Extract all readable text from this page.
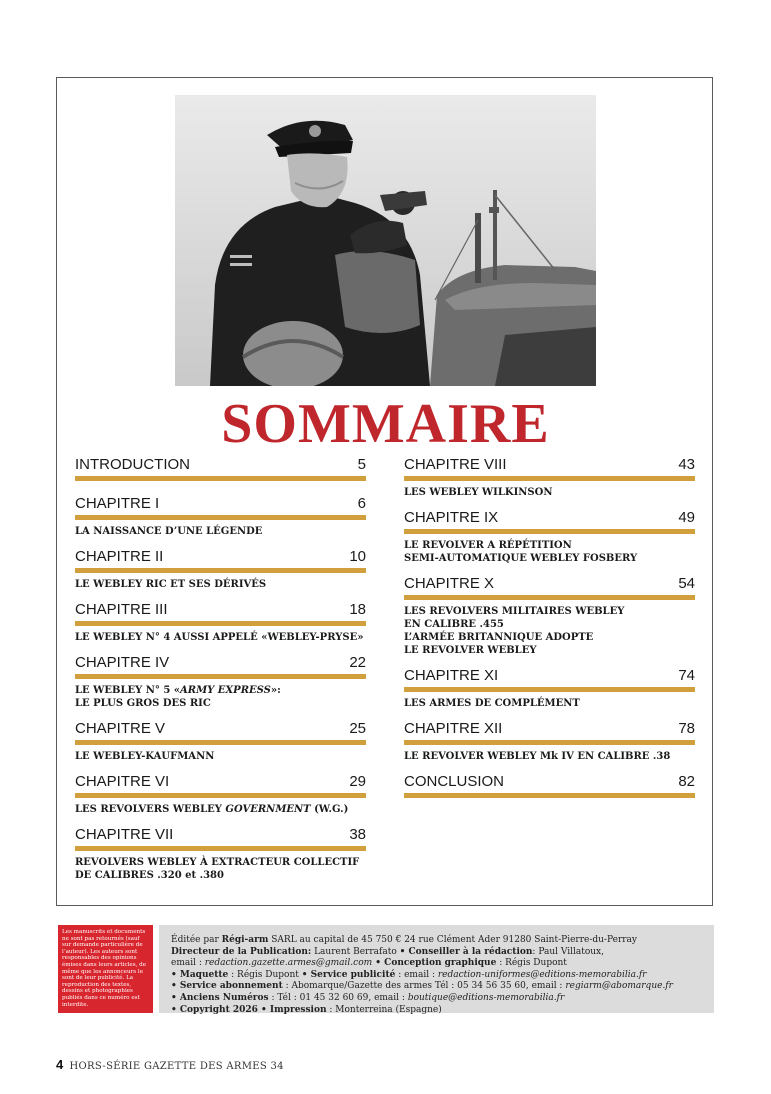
SOMMAIRE
INTRODUCTION	5
CHAPITRE I	6
LA NAISSANCE D’UNE LÉGENDE
CHAPITRE II	10
LE WEBLEY RIC ET SES DÉRIVÉS
CHAPITRE III	18
LE WEBLEY N° 4 AUSSI APPELÉ «WEBLEY-PRYSE»
CHAPITRE IV	22
LE WEBLEY N° 5 «ARMY EXPRESS»:
LE PLUS GROS DES RIC
CHAPITRE V	25
LE WEBLEY-KAUFMANN
CHAPITRE VI	29
LES REVOLVERS WEBLEY GOVERNMENT (W.G.)
CHAPITRE VII	38
REVOLVERS WEBLEY À EXTRACTEUR COLLECTIF
DE CALIBRES .320 et .380
CHAPITRE VIII	43
LES WEBLEY WILKINSON
CHAPITRE IX	49
LE REVOLVER A RÉPÉTITION
SEMI-AUTOMATIQUE WEBLEY FOSBERY
CHAPITRE X	54
LES REVOLVERS MILITAIRES WEBLEY
EN CALIBRE .455
L’ARMÉE BRITANNIQUE ADOPTE
LE REVOLVER WEBLEY
CHAPITRE XI	74
LES ARMES DE COMPLÉMENT
CHAPITRE XII	78
LE REVOLVER WEBLEY Mk IV EN CALIBRE .38
CONCLUSION	82
Les manuscrits et documents ne sont pas retournés (sauf sur demande particulière de l’auteur). Les auteurs sont responsables des opinions émises dans leurs articles, de même que les annonceurs le sont de leur publicité. La reproduction des textes, dessins et photographies publiés dans ce numéro est interdite.
Éditée par Régi-arm SARL au capital de 45 750 € 24 rue Clément Ader 91280 Saint-Pierre-du-Perray
Directeur de la Publication: Laurent Berrafato • Conseiller à la rédaction: Paul Villatoux,
email : redaction.gazette.armes@gmail.com • Conception graphique : Régis Dupont
• Maquette : Régis Dupont • Service publicité : email : redaction-uniformes@editions-memorabilia.fr
• Service abonnement : Abomarque/Gazette des armes Tél : 05 34 56 35 60, email : regiarm@abomarque.fr
• Anciens Numéros : Tél : 01 45 32 60 69, email : boutique@editions-memorabilia.fr
• Copyright 2026 • Impression : Monterreina (Espagne)
4 HORS-SÉRIE GAZETTE DES ARMES 34
